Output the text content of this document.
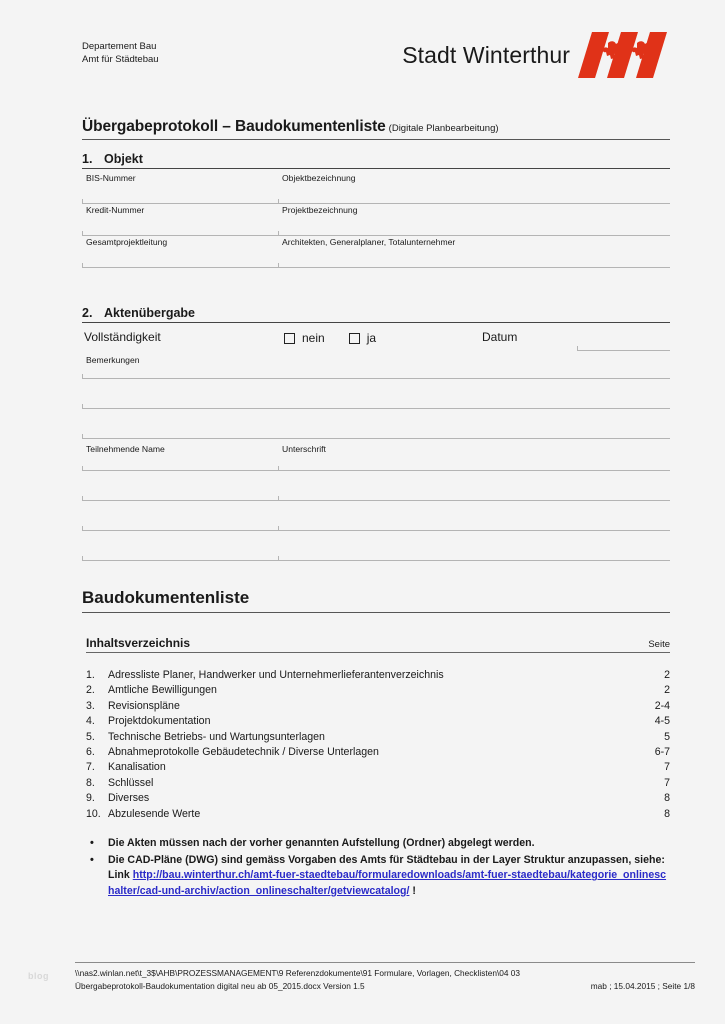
Departement Bau
Amt für Städtebau	Stadt Winterthur
Übergabeprotokoll – Baudokumentenliste (Digitale Planbearbeitung)
1. Objekt
BIS-Nummer	Objektbezeichnung
Kredit-Nummer	Projektbezeichnung
Gesamtprojektleitung	Architekten, Generalplaner, Totalunternehmer
2. Aktenübergabe
Vollständigkeit	nein	ja	Datum
Bemerkungen
Teilnehmende Name	Unterschrift
Baudokumentenliste
Inhaltsverzeichnis	Seite
1.	Adressliste Planer, Handwerker und Unternehmerlieferantenverzeichnis	2
2.	Amtliche Bewilligungen	2
3.	Revisionspläne	2-4
4.	Projektdokumentation	4-5
5.	Technische Betriebs- und Wartungsunterlagen	5
6.	Abnahmeprotokolle Gebäudetechnik / Diverse Unterlagen	6-7
7.	Kanalisation	7
8.	Schlüssel	7
9.	Diverses	8
10. Abzulesende Werte	8
•	Die Akten müssen nach der vorher genannten Aufstellung (Ordner) abgelegt werden.
•	Die CAD-Pläne (DWG) sind gemäss Vorgaben des Amts für Städtebau in der Layer Struktur anzupassen, siehe: Link http://bau.winterthur.ch/amt-fuer-staedtebau/formularedownloads/amt-fuer-staedtebau/kategorie_onlineschalter/cad-und-archiv/action_onlineschalter/getviewcatalog/ !
blog	\\nas2.winlan.net\t_3$\AHB\PROZESSMANAGEMENT\9 Referenzdokumente\91 Formulare, Vorlagen, Checklisten\04 03
Übergabeprotokoll-Baudokumentation digital neu ab 05_2015.docx Version 1.5	mab ; 15.04.2015 ; Seite 1/8
